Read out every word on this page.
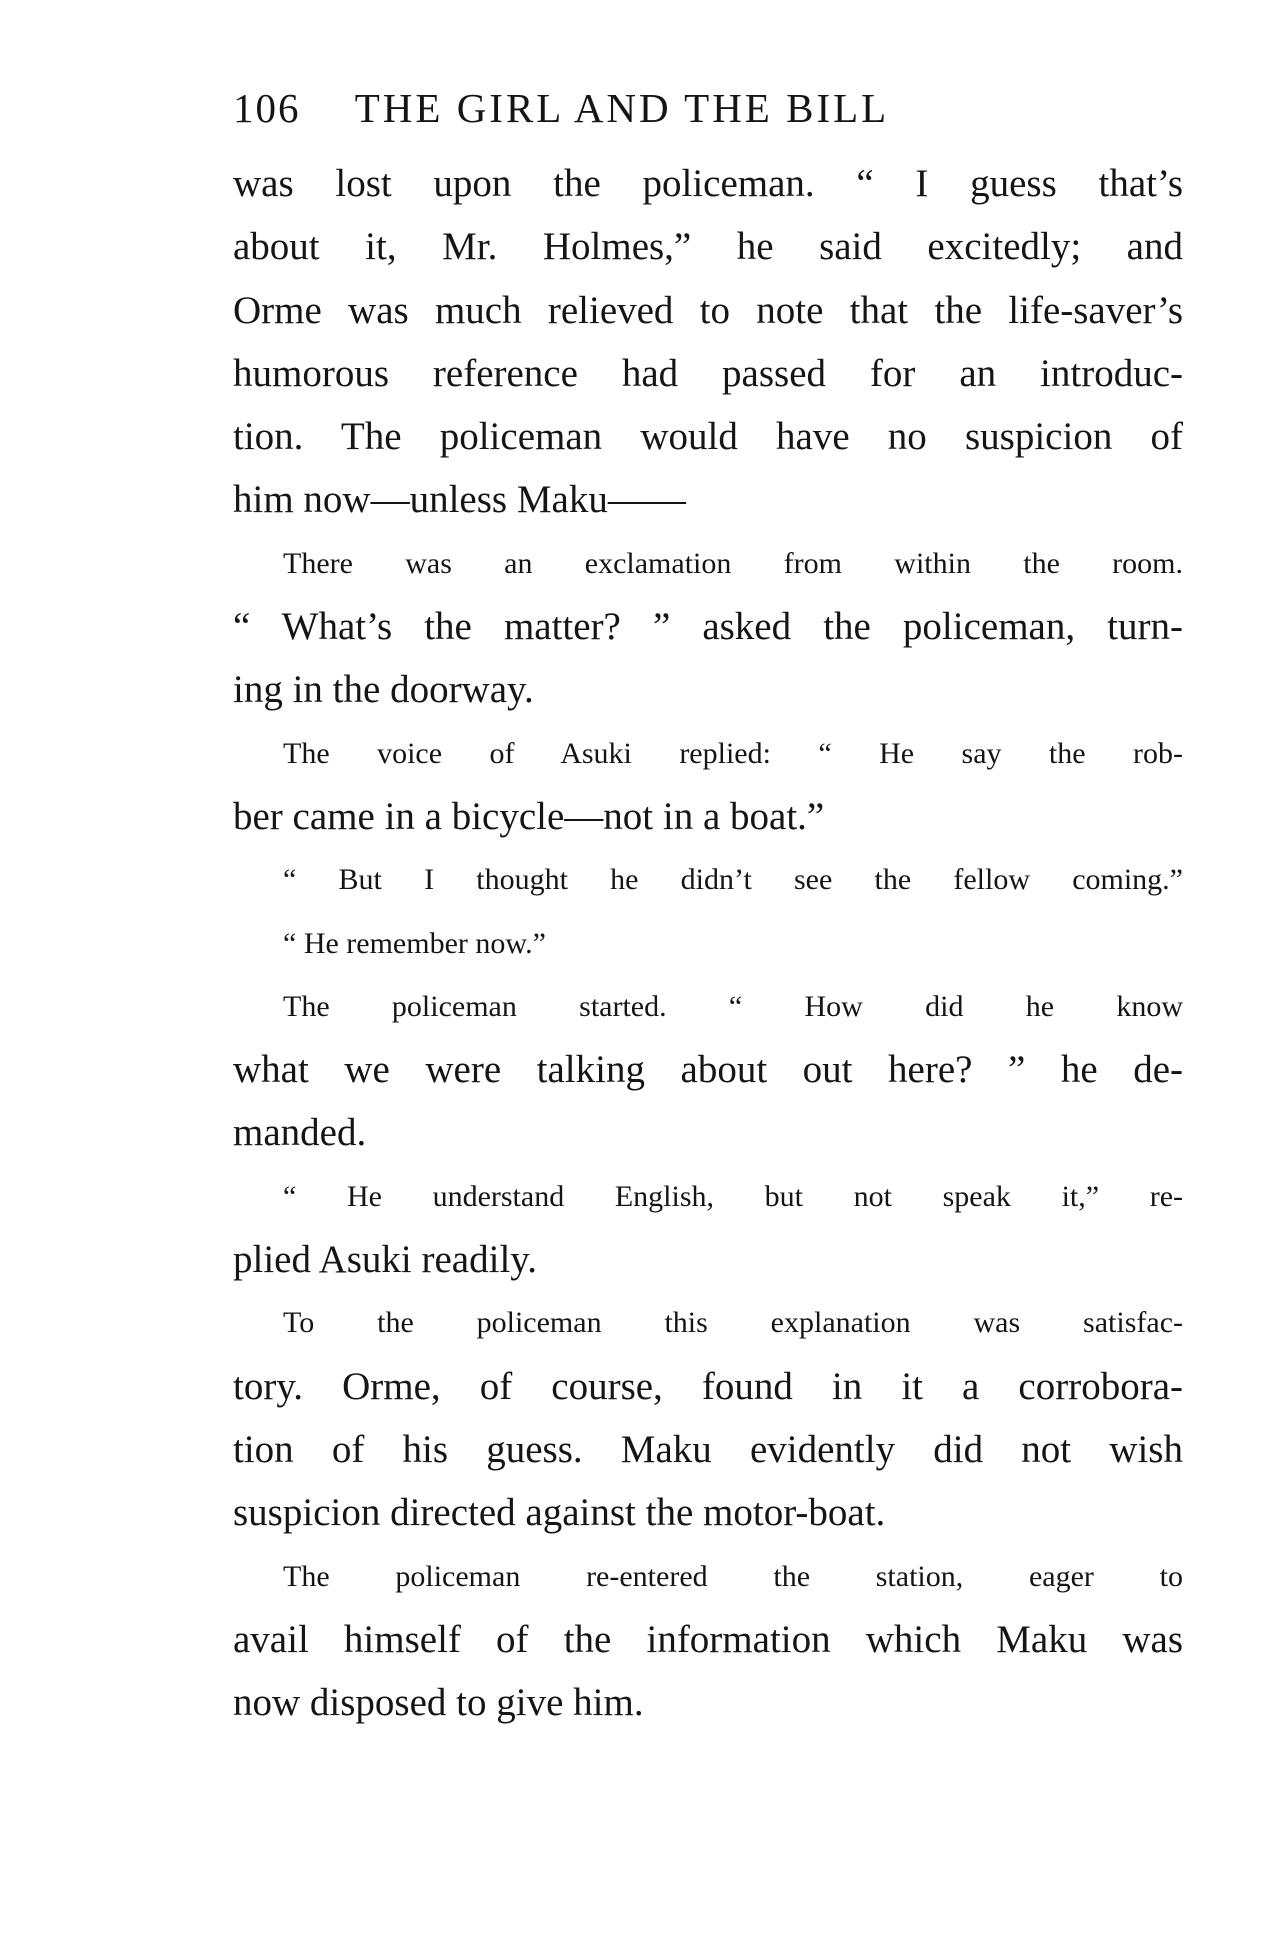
106 THE GIRL AND THE BILL
was lost upon the policeman. “ I guess that’s
about it, Mr. Holmes,” he said excitedly; and
Orme was much relieved to note that the life-saver’s
humorous reference had passed for an introduc-
tion. The policeman would have no suspicion of
him now—unless Maku——
There was an exclamation from within the room.
“ What’s the matter? ” asked the policeman, turn-
ing in the doorway.
The voice of Asuki replied: “ He say the rob-
ber came in a bicycle—not in a boat.”
“ But I thought he didn’t see the fellow coming.”
“ He remember now.”
The policeman started. “ How did he know
what we were talking about out here? ” he de-
manded.
“ He understand English, but not speak it,” re-
plied Asuki readily.
To the policeman this explanation was satisfac-
tory. Orme, of course, found in it a corrobora-
tion of his guess. Maku evidently did not wish
suspicion directed against the motor-boat.
The policeman re-entered the station, eager to
avail himself of the information which Maku was
now disposed to give him.
